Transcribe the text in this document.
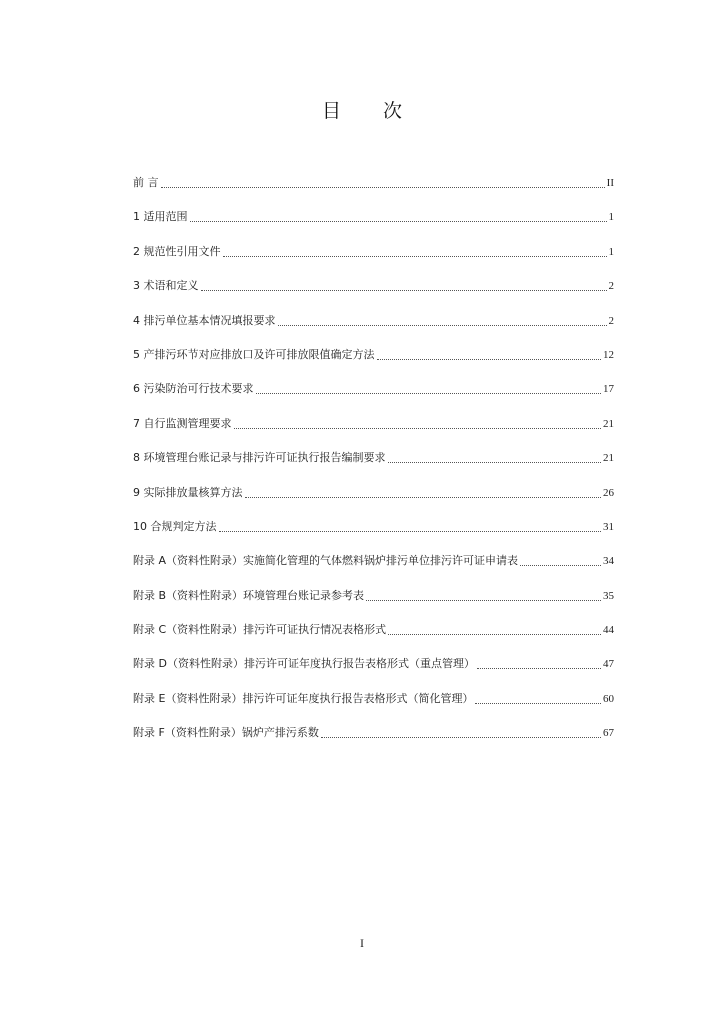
目 次
前 言	II
1 适用范围	1
2 规范性引用文件	1
3 术语和定义	2
4 排污单位基本情况填报要求	2
5 产排污环节对应排放口及许可排放限值确定方法	12
6 污染防治可行技术要求	17
7 自行监测管理要求	21
8 环境管理台账记录与排污许可证执行报告编制要求	21
9 实际排放量核算方法	26
10 合规判定方法	31
附录 A（资料性附录）实施简化管理的气体燃料锅炉排污单位排污许可证申请表	34
附录 B（资料性附录）环境管理台账记录参考表	35
附录 C（资料性附录）排污许可证执行情况表格形式	44
附录 D（资料性附录）排污许可证年度执行报告表格形式（重点管理）	47
附录 E（资料性附录）排污许可证年度执行报告表格形式（简化管理）	60
附录 F（资料性附录）锅炉产排污系数	67
I
